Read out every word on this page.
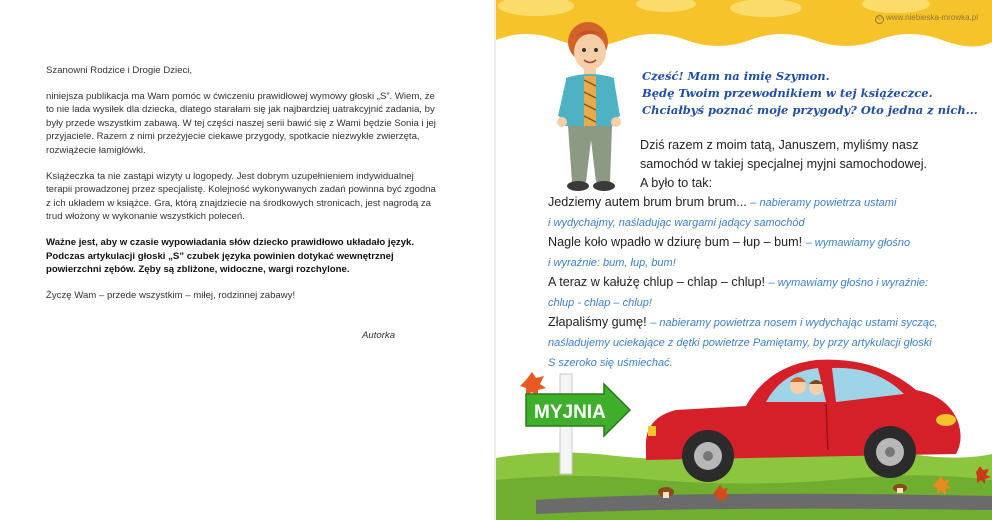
Szanowni Rodzice i Drogie Dzieci,

niniejsza publikacja ma Wam pomóc w ćwiczeniu prawidłowej wymowy głoski „S”. Wiem, że to nie lada wysiłek dla dziecka, dlatego starałam się jak najbardziej uatrakcyjnić zadania, by były przede wszystkim zabawą. W tej części naszej serii bawić się z Wami będzie Sonia i jej przyjaciele. Razem z nimi przeżyjecie ciekawe przygody, spotkacie niezwykłe zwierzęta, rozwiążecie łamigłówki.

Książeczka ta nie zastąpi wizyty u logopedy. Jest dobrym uzupełnieniem indywidualnej terapii prowadzonej przez specjalistę. Kolejność wykonywanych zadań powinna być zgodna z ich układem w książce. Gra, którą znajdziecie na środkowych stronicach, jest nagrodą za trud włożony w wykonanie wszystkich poleceń.

Ważne jest, aby w czasie wypowiadania słów dziecko prawidłowo układało język. Podczas artykulacji głoski „S” czubek języka powinien dotykać wewnętrznej powierzchni zębów. Zęby są zbliżone, widoczne, wargi rozchylone.

Życzę Wam – przede wszystkim – miłej, rodzinnej zabawy!

Autorka
© www.niebieska-mrowka.pl
Cześć! Mam na imię Szymon.
Będę Twoim przewodnikiem w tej książeczce.
Chciałbyś poznać moje przygody? Oto jedna z nich...
Dziś razem z moim tatą, Januszem, myliśmy nasz
samochód w takiej specjalnej myjni samochodowej.
A było to tak:
Jedziemy autem brum brum brum... – nabieramy powietrza ustami
i wydychajmy, naśladując wargami jadący samochód
Nagle koło wpadło w dziurę bum – łup – bum! – wymawiamy głośno
i wyraźnie: bum, łup, bum!
A teraz w kałużę chlup – chlap – chlup! – wymawiamy głośno i wyraźnie:
chlup - chlap – chlup!
Złapaliśmy gumę! – nabieramy powietrza nosem i wydychając ustami sycząc,
naśladujemy uciekające z dętki powietrze Pamiętamy, by przy artykulacji głoski
S szeroko się uśmiechać.
MYJNIA
